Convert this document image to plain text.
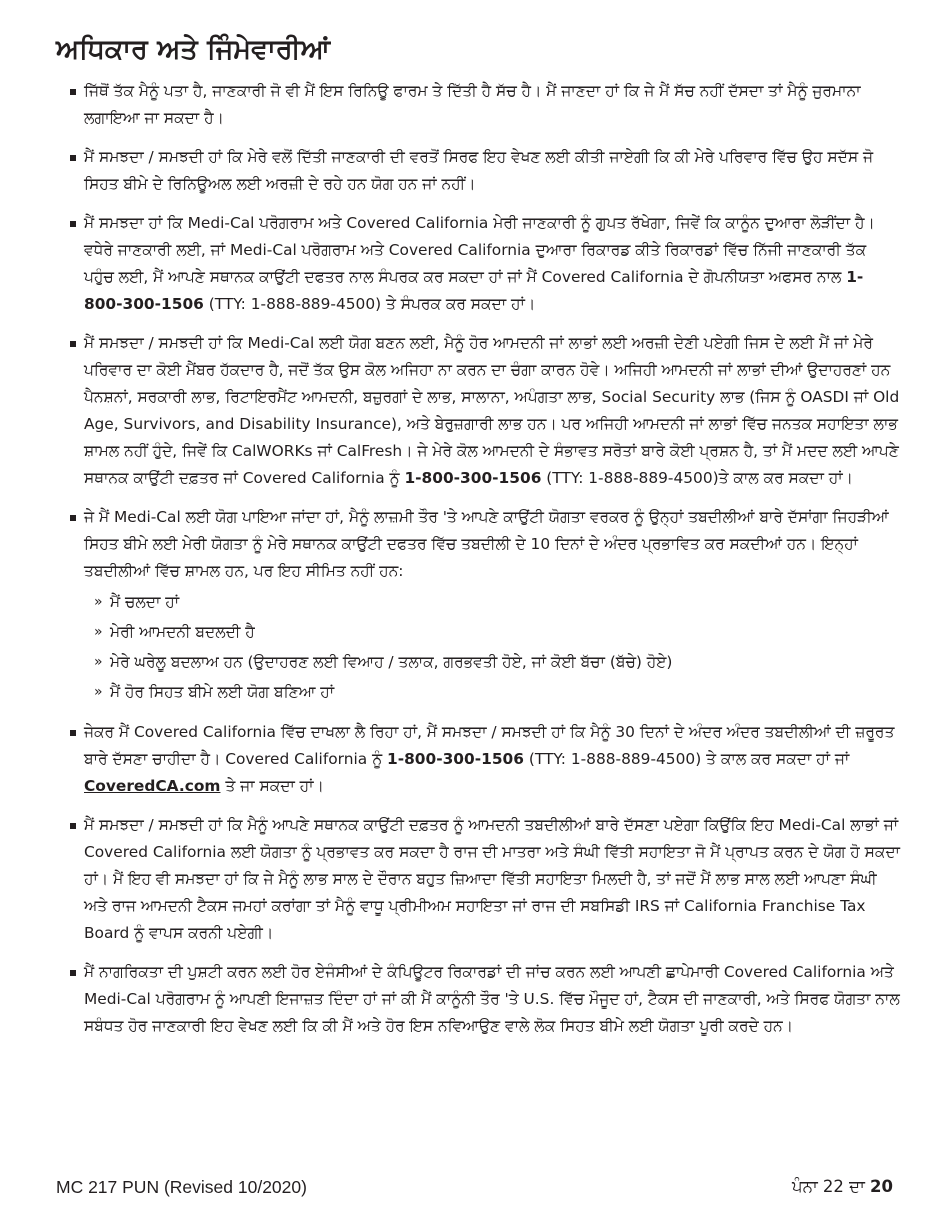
ਅਧਿਕਾਰ ਅਤੇ ਜਿੰਮੇਵਾਰੀਆਂ
ਜਿੱਥੋਂ ਤੱਕ ਮੈਨੂੰ ਪਤਾ ਹੈ, ਜਾਣਕਾਰੀ ਜੋ ਵੀ ਮੈਂ ਇਸ ਰਿਨਿਊ ਫਾਰਮ ਤੇ ਦਿੱਤੀ ਹੈ ਸੱਚ ਹੈ। ਮੈਂ ਜਾਣਦਾ ਹਾਂ ਕਿ ਜੇ ਮੈਂ ਸੱਚ ਨਹੀਂ ਦੱਸਦਾ ਤਾਂ ਮੈਨੂੰ ਜੁਰਮਾਨਾ ਲਗਾਇਆ ਜਾ ਸਕਦਾ ਹੈ।
ਮੈਂ ਸਮਝਦਾ / ਸਮਝਦੀ ਹਾਂ ਕਿ ਮੇਰੇ ਵਲੋਂ ਦਿੱਤੀ ਜਾਣਕਾਰੀ ਦੀ ਵਰਤੋਂ ਸਿਰਫ ਇਹ ਵੇਖਣ ਲਈ ਕੀਤੀ ਜਾਏਗੀ ਕਿ ਕੀ ਮੇਰੇ ਪਰਿਵਾਰ ਵਿੱਚ ਉਹ ਸਦੱਸ ਜੋ ਸਿਹਤ ਬੀਮੇ ਦੇ ਰਿਨਿਊਅਲ ਲਈ ਅਰਜ਼ੀ ਦੇ ਰਹੇ ਹਨ ਯੋਗ ਹਨ ਜਾਂ ਨਹੀਂ।
ਮੈਂ ਸਮਝਦਾ ਹਾਂ ਕਿ Medi-Cal ਪਰੋਗਰਾਮ ਅਤੇ Covered California ਮੇਰੀ ਜਾਣਕਾਰੀ ਨੂੰ ਗੁਪਤ ਰੱਖੇਗਾ, ਜਿਵੇਂ ਕਿ ਕਾਨੂੰਨ ਦੁਆਰਾ ਲੋੜੀਂਦਾ ਹੈ। ਵਧੇਰੇ ਜਾਣਕਾਰੀ ਲਈ, ਜਾਂ Medi-Cal ਪਰੋਗਰਾਮ ਅਤੇ Covered California ਦੁਆਰਾ ਰਿਕਾਰਡ ਕੀਤੇ ਰਿਕਾਰਡਾਂ ਵਿੱਚ ਨਿੱਜੀ ਜਾਣਕਾਰੀ ਤੱਕ ਪਹੁੰਚ ਲਈ, ਮੈਂ ਆਪਣੇ ਸਥਾਨਕ ਕਾਉਂਟੀ ਦਫਤਰ ਨਾਲ ਸੰਪਰਕ ਕਰ ਸਕਦਾ ਹਾਂ ਜਾਂ ਮੈਂ Covered California ਦੇ ਗੋਪਨੀਯਤਾ ਅਫਸਰ ਨਾਲ 1-800-300-1506 (TTY: 1-888-889-4500) ਤੇ ਸੰਪਰਕ ਕਰ ਸਕਦਾ ਹਾਂ।
ਮੈਂ ਸਮਝਦਾ / ਸਮਝਦੀ ਹਾਂ ਕਿ Medi-Cal ਲਈ ਯੋਗ ਬਣਨ ਲਈ, ਮੈਨੂੰ ਹੋਰ ਆਮਦਨੀ ਜਾਂ ਲਾਭਾਂ ਲਈ ਅਰਜ਼ੀ ਦੇਣੀ ਪਏਗੀ ਜਿਸ ਦੇ ਲਈ ਮੈਂ ਜਾਂ ਮੇਰੇ ਪਰਿਵਾਰ ਦਾ ਕੋਈ ਮੈਂਬਰ ਹੱਕਦਾਰ ਹੈ, ਜਦੋਂ ਤੱਕ ਉਸ ਕੋਲ ਅਜਿਹਾ ਨਾ ਕਰਨ ਦਾ ਚੰਗਾ ਕਾਰਨ ਹੋਵੇ। ਅਜਿਹੀ ਆਮਦਨੀ ਜਾਂ ਲਾਭਾਂ ਦੀਆਂ ਉਦਾਹਰਣਾਂ ਹਨ ਪੈਨਸ਼ਨਾਂ, ਸਰਕਾਰੀ ਲਾਭ, ਰਿਟਾਇਰਮੈਂਟ ਆਮਦਨੀ, ਬਜ਼ੁਰਗਾਂ ਦੇ ਲਾਭ, ਸਾਲਾਨਾ, ਅਪੰਗਤਾ ਲਾਭ, Social Security ਲਾਭ (ਜਿਸ ਨੂੰ OASDI ਜਾਂ Old Age, Survivors, and Disability Insurance), ਅਤੇ ਬੇਰੁਜ਼ਗਾਰੀ ਲਾਭ ਹਨ। ਪਰ ਅਜਿਹੀ ਆਮਦਨੀ ਜਾਂ ਲਾਭਾਂ ਵਿੱਚ ਜਨਤਕ ਸਹਾਇਤਾ ਲਾਭ ਸ਼ਾਮਲ ਨਹੀਂ ਹੁੰਦੇ, ਜਿਵੇਂ ਕਿ CalWORKs ਜਾਂ CalFresh। ਜੇ ਮੇਰੇ ਕੋਲ ਆਮਦਨੀ ਦੇ ਸੰਭਾਵਤ ਸਰੋਤਾਂ ਬਾਰੇ ਕੋਈ ਪ੍ਰਸ਼ਨ ਹੈ, ਤਾਂ ਮੈਂ ਮਦਦ ਲਈ ਆਪਣੇ ਸਥਾਨਕ ਕਾਉਂਟੀ ਦਫ਼ਤਰ ਜਾਂ Covered California ਨੂੰ 1-800-300-1506 (TTY: 1-888-889-4500)ਤੇ ਕਾਲ ਕਰ ਸਕਦਾ ਹਾਂ।
ਜੇ ਮੈਂ Medi-Cal ਲਈ ਯੋਗ ਪਾਇਆ ਜਾਂਦਾ ਹਾਂ, ਮੈਨੂੰ ਲਾਜ਼ਮੀ ਤੌਰ 'ਤੇ ਆਪਣੇ ਕਾਉਂਟੀ ਯੋਗਤਾ ਵਰਕਰ ਨੂੰ ਉਨ੍ਹਾਂ ਤਬਦੀਲੀਆਂ ਬਾਰੇ ਦੱਸਾਂਗਾ ਜਿਹੜੀਆਂ ਸਿਹਤ ਬੀਮੇ ਲਈ ਮੇਰੀ ਯੋਗਤਾ ਨੂੰ ਮੇਰੇ ਸਥਾਨਕ ਕਾਉਂਟੀ ਦਫਤਰ ਵਿੱਚ ਤਬਦੀਲੀ ਦੇ 10 ਦਿਨਾਂ ਦੇ ਅੰਦਰ ਪ੍ਰਭਾਵਿਤ ਕਰ ਸਕਦੀਆਂ ਹਨ। ਇਨ੍ਹਾਂ ਤਬਦੀਲੀਆਂ ਵਿੱਚ ਸ਼ਾਮਲ ਹਨ, ਪਰ ਇਹ ਸੀਮਿਤ ਨਹੀਂ ਹਨ:
» ਮੈਂ ਚਲਦਾ ਹਾਂ
» ਮੇਰੀ ਆਮਦਨੀ ਬਦਲਦੀ ਹੈ
» ਮੇਰੇ ਘਰੇਲੂ ਬਦਲਾਅ ਹਨ (ਉਦਾਹਰਣ ਲਈ ਵਿਆਹ / ਤਲਾਕ, ਗਰਭਵਤੀ ਹੋਏ, ਜਾਂ ਕੋਈ ਬੱਚਾ (ਬੱਚੇ) ਹੋਏ)
» ਮੈਂ ਹੋਰ ਸਿਹਤ ਬੀਮੇ ਲਈ ਯੋਗ ਬਣਿਆ ਹਾਂ
ਜੇਕਰ ਮੈਂ Covered California ਵਿੱਚ ਦਾਖਲਾ ਲੈ ਰਿਹਾ ਹਾਂ, ਮੈਂ ਸਮਝਦਾ / ਸਮਝਦੀ ਹਾਂ ਕਿ ਮੈਨੂੰ 30 ਦਿਨਾਂ ਦੇ ਅੰਦਰ ਅੰਦਰ ਤਬਦੀਲੀਆਂ ਦੀ ਜ਼ਰੂਰਤ ਬਾਰੇ ਦੱਸਣਾ ਚਾਹੀਦਾ ਹੈ। Covered California ਨੂੰ 1-800-300-1506 (TTY: 1-888-889-4500) ਤੇ ਕਾਲ ਕਰ ਸਕਦਾ ਹਾਂ ਜਾਂ CoveredCA.com ਤੇ ਜਾ ਸਕਦਾ ਹਾਂ।
ਮੈਂ ਸਮਝਦਾ / ਸਮਝਦੀ ਹਾਂ ਕਿ ਮੈਨੂੰ ਆਪਣੇ ਸਥਾਨਕ ਕਾਉਂਟੀ ਦਫ਼ਤਰ ਨੂੰ ਆਮਦਨੀ ਤਬਦੀਲੀਆਂ ਬਾਰੇ ਦੱਸਣਾ ਪਏਗਾ ਕਿਉਂਕਿ ਇਹ Medi-Cal ਲਾਭਾਂ ਜਾਂ Covered California ਲਈ ਯੋਗਤਾ ਨੂੰ ਪ੍ਰਭਾਵਤ ਕਰ ਸਕਦਾ ਹੈ ਰਾਜ ਦੀ ਮਾਤਰਾ ਅਤੇ ਸੰਘੀ ਵਿੱਤੀ ਸਹਾਇਤਾ ਜੋ ਮੈਂ ਪ੍ਰਾਪਤ ਕਰਨ ਦੇ ਯੋਗ ਹੋ ਸਕਦਾ ਹਾਂ। ਮੈਂ ਇਹ ਵੀ ਸਮਝਦਾ ਹਾਂ ਕਿ ਜੇ ਮੈਨੂੰ ਲਾਭ ਸਾਲ ਦੇ ਦੌਰਾਨ ਬਹੁਤ ਜ਼ਿਆਦਾ ਵਿੱਤੀ ਸਹਾਇਤਾ ਮਿਲਦੀ ਹੈ, ਤਾਂ ਜਦੋਂ ਮੈਂ ਲਾਭ ਸਾਲ ਲਈ ਆਪਣਾ ਸੰਘੀ ਅਤੇ ਰਾਜ ਆਮਦਨੀ ਟੈਕਸ ਜਮਹਾਂ ਕਰਾਂਗਾ ਤਾਂ ਮੈਨੂੰ ਵਾਧੂ ਪ੍ਰੀਮੀਅਮ ਸਹਾਇਤਾ ਜਾਂ ਰਾਜ ਦੀ ਸਬਸਿਡੀ IRS ਜਾਂ California Franchise Tax Board ਨੂੰ ਵਾਪਸ ਕਰਨੀ ਪਏਗੀ।
ਮੈਂ ਨਾਗਰਿਕਤਾ ਦੀ ਪੁਸ਼ਟੀ ਕਰਨ ਲਈ ਹੋਰ ਏਜੰਸੀਆਂ ਦੇ ਕੰਪਿਊਟਰ ਰਿਕਾਰਡਾਂ ਦੀ ਜਾਂਚ ਕਰਨ ਲਈ ਆਪਣੀ ਛਾਪੇਮਾਰੀ Covered California ਅਤੇ Medi-Cal ਪਰੋਗਰਾਮ ਨੂੰ ਆਪਣੀ ਇਜਾਜ਼ਤ ਦਿੰਦਾ ਹਾਂ ਜਾਂ ਕੀ ਮੈਂ ਕਾਨੂੰਨੀ ਤੌਰ 'ਤੇ U.S. ਵਿੱਚ ਮੌਜੂਦ ਹਾਂ, ਟੈਕਸ ਦੀ ਜਾਣਕਾਰੀ, ਅਤੇ ਸਿਰਫ ਯੋਗਤਾ ਨਾਲ ਸਬੰਧਤ ਹੋਰ ਜਾਣਕਾਰੀ ਇਹ ਵੇਖਣ ਲਈ ਕਿ ਕੀ ਮੈਂ ਅਤੇ ਹੋਰ ਇਸ ਨਵਿਆਉਣ ਵਾਲੇ ਲੋਕ ਸਿਹਤ ਬੀਮੇ ਲਈ ਯੋਗਤਾ ਪੂਰੀ ਕਰਦੇ ਹਨ।
MC 217 PUN (Revised 10/2020)	ਪੰਨਾ 22 ਦਾ 20
